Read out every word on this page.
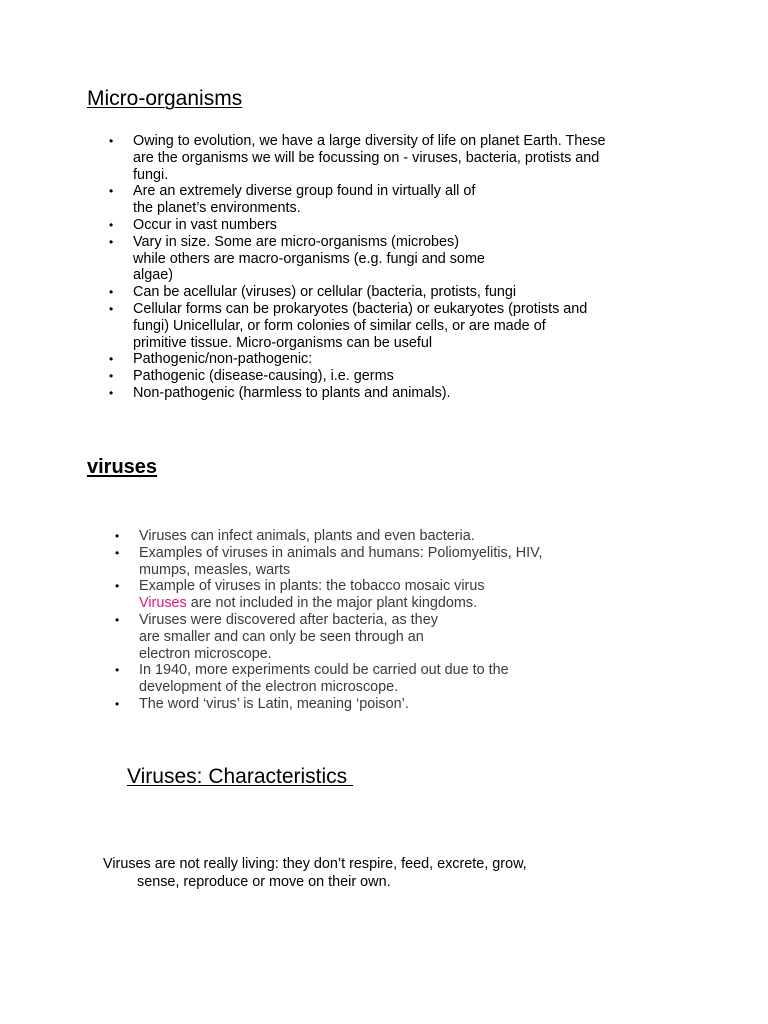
Micro-organisms
• Owing to evolution, we have a large diversity of life on planet Earth. These
are the organisms we will be focussing on - viruses, bacteria, protists and
fungi.
• Are an extremely diverse group found in virtually all of
the planet’s environments.
• Occur in vast numbers
• Vary in size. Some are micro-organisms (microbes)
while others are macro-organisms (e.g. fungi and some
algae)
• Can be acellular (viruses) or cellular (bacteria, protists, fungi
• Cellular forms can be prokaryotes (bacteria) or eukaryotes (protists and
fungi) Unicellular, or form colonies of similar cells, or are made of
primitive tissue. Micro-organisms can be useful
• Pathogenic/non-pathogenic:
• Pathogenic (disease-causing), i.e. germs
• Non-pathogenic (harmless to plants and animals).
viruses
• Viruses can infect animals, plants and even bacteria.
• Examples of viruses in animals and humans: Poliomyelitis, HIV,
mumps, measles, warts
• Example of viruses in plants: the tobacco mosaic virus
Viruses are not included in the major plant kingdoms.
• Viruses were discovered after bacteria, as they
are smaller and can only be seen through an
electron microscope.
• In 1940, more experiments could be carried out due to the
development of the electron microscope.
• The word ‘virus’ is Latin, meaning ‘poison’.
Viruses: Characteristics

Viruses are not really living: they don’t respire, feed, excrete, grow,
sense, reproduce or move on their own.
